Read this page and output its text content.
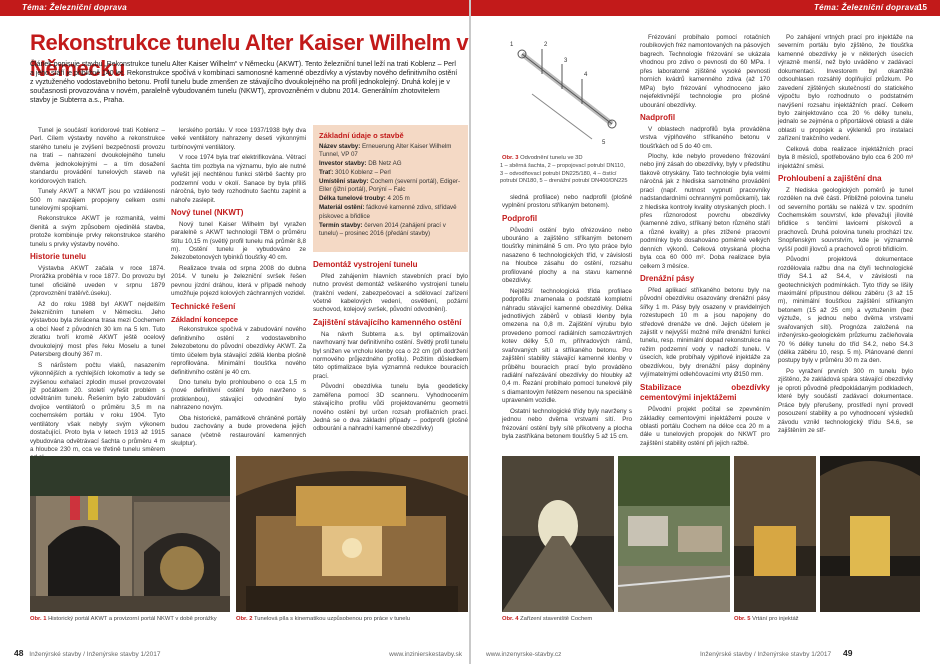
Téma: Železniční doprava
Rekonstrukce tunelu Alter Kaiser Wilhelm v Německu
Článek popisuje stavbu „Rekonstrukce tunelu Alter Kaiser Wilhelm“ v Německu (AKWT). Tento železniční tunel leží na trati Koblenz – Perl a jeho stáří je přibližně 140 let. Rekonstrukce spočívá v kombinaci samonosné kamenné obezdívky a výstavby nového definitivního ostění z vyztuženého vodostavebního betonu. Profil tunelu bude zmenšen ze stávajícího dvoukolejného na profil jednokolejný. Druhá kolej je v současnosti provozována v novém, paralelně vybudovaném tunelu (NKWT), zprovozněném v dubnu 2014. Generálním zhotovitelem stavby je Subterra a.s., Praha.

Tunel je součástí koridorové trati Koblenz – Perl. Cílem výstavby nového a rekonstrukce starého tunelu je zvýšení bezpečnosti provozu na trati – nahrazení dvoukolejného tunelu dvěma jednokolejnými – a tím dosažení standardu provádění tunelových staveb na koridorových tratích.

Tunely AKWT a NKWT jsou po vzdálenosti 500 m navzájem propojeny celkem osmi tunelovými spojkami.

Rekonstrukce AKWT je rozmanitá, velmi členitá a svým způsobem ojedinělá stavba, protože kombinuje prvky rekonstrukce starého tunelu s prvky výstavby nového.

Historie tunelu

Výstavba AKWT začala v roce 1874. Prorážka proběhla v roce 1877. Do provozu byl tunel oficiálně uveden v srpnu 1879 (zprovoznění tratě/vč.úseku).

Až do roku 1988 byl AKWT nejdelším železničním tunelem v Německu. Jeho výstavbou byla zkrácena trasa mezi Cochemem a obcí Neef z původních 30 km na 5 km. Tuto zkratku tvoří kromě AKWT ještě ocelový dvoukolejný most přes řeku Moselu a tunel Petersberg dlouhý 367 m.

S nárůstem počtu vlaků, nasazením výkonnějších a rychlejších lokomotiv a tedy se zvýšenou exhalací zplodin musel provozovatel již počátkem 20. století vyřešit problém s odvětráním tunelu. Řešením bylo zabudování dvojice ventilátorů o průměru 3,5 m na cochemském portálu v roku 1904. Tyto ventilátory však nebyly svým výkonem dostačující. Proto byla v letech 1913 až 1915 vybudována odvětrávací šachta o průměru 4 m a hloubce 230 m, cca ve třetině tunelu směrem

lerského portálu. V roce 1937/1938 byly dva velké ventilátory nahrazeny deseti výkonnými turbínovými ventilátory.

V roce 1974 byla trať elektrifikována. Větrací šachta tím pozbyla na významu, bylo ale nutné vyřešit její nechtěnou funkci stěrbě šachty pro podzemní vodu v okolí. Sanace by byla příliš náročná, bylo tedy rozhodnuto šachtu zaplnit a nahoře zaslepit.

Nový tunel (NKWT)

Nový tunel Kaiser Wilhelm byl vyražen paralelně s AKWT technologií TBM o průměru štítu 10,15 m (světlý profil tunelu má průměr 8,8 m). Ostění tunelu je vybudováno ze železobetonových tybinků tloušťky 40 cm.

Realizace trvala od srpna 2008 do dubna 2014. V tunelu je železniční svršek řešen pevnou jízdní dráhou, která v případě nehody umožňuje pojezd kolových záchranných vozidel.

Technické řešení
Základní koncepce

Rekonstrukce spočívá v zabudování nového definitivního ostění z vodostavebního železobetonu do původní obezdívky AKWT. Za tímto účelem byla stávající zdělá klenba plošně reprofilována. Minimální tloušťka nového definitivního ostění je 40 cm.

Dno tunelu bylo prohloubeno o cca 1,5 m (nové definitivní ostění bylo navrženo s protiklenbou), stávající odvodnění bylo nahrazeno novým.

Oba historické, památkově chráněné portály budou zachovány a bude provedena jejich sanace (včetně restaurování kamenných skulptur).

Základní údaje o stavbě
Název stavby: Erneuerung Alter Kaiser Wilhelm Tunnel, VP 07
Investor stavby: DB Netz AG
Trať: 3010 Koblenz – Perl
Umístění stavby: Cochem (severní portál), Ediger-Eller (jižní portál), Porýní – Falc
Délka tunelové trouby: 4 205 m
Materiál ostění: fádkové kamenné zdivo, střídavě pískovec a břidlice
Termín stavby: červen 2014 (zahájení prací v tunelu) – prosinec 2016 (předání stavby)
Demontáž vystrojení tunelu

Před zahájením hlavních stavebních prací bylo nutno provést demontáž veškerého vystrojení tunelu (trakční vedení, zabezpečovací a sdělovací zařízení včetně kabelových vedení, osvětlení, požární suchovod, kolejový svršek, původní odvodnění).

Zajištění stávajícího kamenného ostění

Na návrh Subterra a.s. byl optimalizován navrhovaný tvar definitivního ostění. Světlý profil tunelu byl snížen ve vrcholu klenby cca o 22 cm (při dodržení normového průjezdného profilu). Požitím důsledkem této optimalizace byla významná redukce bouracích prací.

Původní obezdívka tunelu byla geodeticky zaměřena pomocí 3D scanneru. Vyhodnocením stávajícího profilu vůči projektovanému geometrii nového ostění byl určen rozsah profilačních prací. Jedná se o dva základní případy – podprofil (plošné odbourání a nahradní kamenné obezdívky)

Obr. 1 Historický portál AKWT a provizorní portál NKWT v době prorážky	Obr. 2 Tunelová píla s kinematikou uzpůsobenou pro práce v tunelu
48 Inženýrské stavby / Inženýrske stavby 1/2017	www.inzinierskestavby.sk
Téma: Železniční doprava
15
1	2
3
4
5
Obr. 3 Odvodnění tunelu ve 3D
1 – sběrná šachta, 2 – propojovací potrubí DN110,
3 – odvodňovací potrubí DN225/180, 4 – čistící
potrubí DN180, 5 – drenážní potrubí DN400/DN225

sledná profilace) nebo nadprofil (plošné vyplnění prostoru stříkaným betonem).

Podprofil

Původní ostění bylo ofrézováno nebo ubouráno a zajištěno stříkaným betonem tloušťky minimálně 5 cm. Pro tyto práce bylo nasazeno 6 technologických tříd, v závislosti na hloubce zásahu do ostění, rozsahu profilované plochy a na stavu kamenné obezdívky.

Nejtěžší technologická třída profilace podprofilu znamenala o podstatě kompletní náhradu stávající kamenné obezdívky. Délka jednotlivých záběrů v oblasti klenby byla omezena na 0,8 m. Zajištění výrubu bylo provedeno pomocí radiálních samozávrtných kotev délky 5,0 m, příhradových rámů, svařovaných sítí a stříkaného betonu. Pro zajištění stability stávající kamenné klenby v průběhu bouracích prací bylo prováděno radiální nařezávání obezdívky do hloubky až 0,4 m. Řezání probíhalo pomocí tunelové pily s diamantovým řetězem nesenou na speciálně upraveném vozidle.

Ostatní technologické třídy byly navrženy s jednou nebo dvěma vrstvami sítí. Pro frézování ostění byly sítě přikotveny a plocha byla zastříkána betonem tloušťky 5 až 15 cm.

Frézování probíhalo pomocí rotačních roubíkových fréz namontovaných na pásových bagrech. Technologie frézování se ukázala vhodnou pro zdivo o pevnosti do 60 MPa. I přes laboratorně zjištěné vysoké pevnosti horních kvádrů kamenného zdiva (až 170 MPa) bylo frézování vyhodnoceno jako nejefektivnější technologie pro plošné ubourání obezdívky.

Nadprofil

V oblastech nadprofilů byla prováděna vrstva výplňového stříkaného betonu v tloušťkách od 5 do 40 cm.

Plochy, kde nebylo provedeno frézování nebo jiný zásah do obezdívky, byly v předstihu tlakově otryskány. Tato technologie byla velmi náročná jak z hlediska samotného provádění prací (např. nutnost vypnutí pracovníky nadstandardními ochrannými pomůckami), tak z hlediska kontroly kvality otryskaných ploch. I přes různorodost povrchu obezdívky (kamenné zdivo, stříkaný beton různého stáří a různé kvality) a přes ztížené pracovní podmínky bylo dosahováno poměrně velkých denních výkonů. Celková otryskaná plocha byla cca 60 000 m². Doba realizace byla celkem 3 měsíce.

Drenážní pásy

Před aplikací stříkaného betonu byly na původní obezdívku osazovány drenážní pásy šířky 1 m. Pásy byly osazeny v pravidelných rozestupech 10 m a jsou napojeny do středové drenáže ve dně. Jejich účelem je zajistit v nejvyšší možné míře drenážní funkci tunelu, resp. minimální dopad rekonstrukce na režim podzemní vody v nadloží tunelu. V úsecích, kde probíhaly výplňové injektáže za obezdívkou, byly drenážní pásy doplněny vyjímatelnými odlehčovacími vrty Ø150 mm.

Stabilizace obezdívky cementovými injektážemi

Původní projekt počítal se zpevněním základky cementovými injektážemi pouze v oblasti portálu Cochem na délce cca 20 m a dále u tunelových propojek do NKWT pro zajištění stability ostění při jejich ražbě.

Po zahájení vrtných prací pro injektáže na severním portálu bylo zjištěno, že tloušťka kamenné obezdívky je v některých úsecích výrazně menší, než bylo uváděno v zadávací dokumentaci. Investorem byl okamžitě odsouhlasen rozsáhlý doplňující průzkum. Po zavedení zjištěných skutečností do statického výpočtu bylo rozhodnuto o podstatném navýšení rozsahu injektážních prací. Celkem bylo zainjektováno cca 20 % délky tunelu, jednalo se zejména o připortálové oblasti a dále oblasti u propojek a výklenků pro instalaci zařízení trakčního vedení.

Celková doba realizace injektážních prací byla 8 měsíců, spotřebováno bylo cca 6 200 m³ injektážní směsi.

Prohloubení a zajištění dna

Z hlediska geologických poměrů je tunel rozdělen na dvě části. Přibližně polovina tunelu od severního portálu se nalézá v tzv. spodním Cochemském souvrství, kde převažují jílovité břidlice s tenčími lavicemi pískovců a prachovců. Druhá polovina tunelu prochází tzv. Snopfenským souvrstvím, kde je významně vyšší podíl jílovců a prachovců oproti břidlicím.

Původní projektová dokumentace rozdělovala ražbu dna na čtyři technologické třídy S4.1 až S4.4, v závislosti na geotechnických podmínkách. Tyto třídy se lišily maximální přípustnou délkou záběru (3 až 15 m), minimální tloušťkou zajištění stříkaným betonem (15 až 25 cm) a vyztužením (bez výztuže, s jednou nebo dvěma vrstvami svařovaných sítí). Prognóza založená na inženýrsko-geologickém průzkumu začleňovala 70 % délky tunelu do tříd S4.2, nebo S4.3 (délka záběru 10, resp. 5 m). Plánované denní postupy byly v průměru 30 m za den.

Po vyražení prvních 300 m tunelu bylo zjištěno, že zakládová spára stávající obezdívky je oproti původně předpokládaným podkladech, které byly součástí zadávací dokumentace. Práce byly přerušeny, prostředí nyní provedl posouzení stability a po vyhodnocení výsledků závodu vznikl technologický třídu S4.6, se zajištěním ze stř-

Obr. 4 Zařízení staveniště Cochem	Obr. 5 Vrtání pro injektáž
www.inzenyrske-stavby.cz	Inženýrské stavby / Inženýrske stavby 1/2017 49
